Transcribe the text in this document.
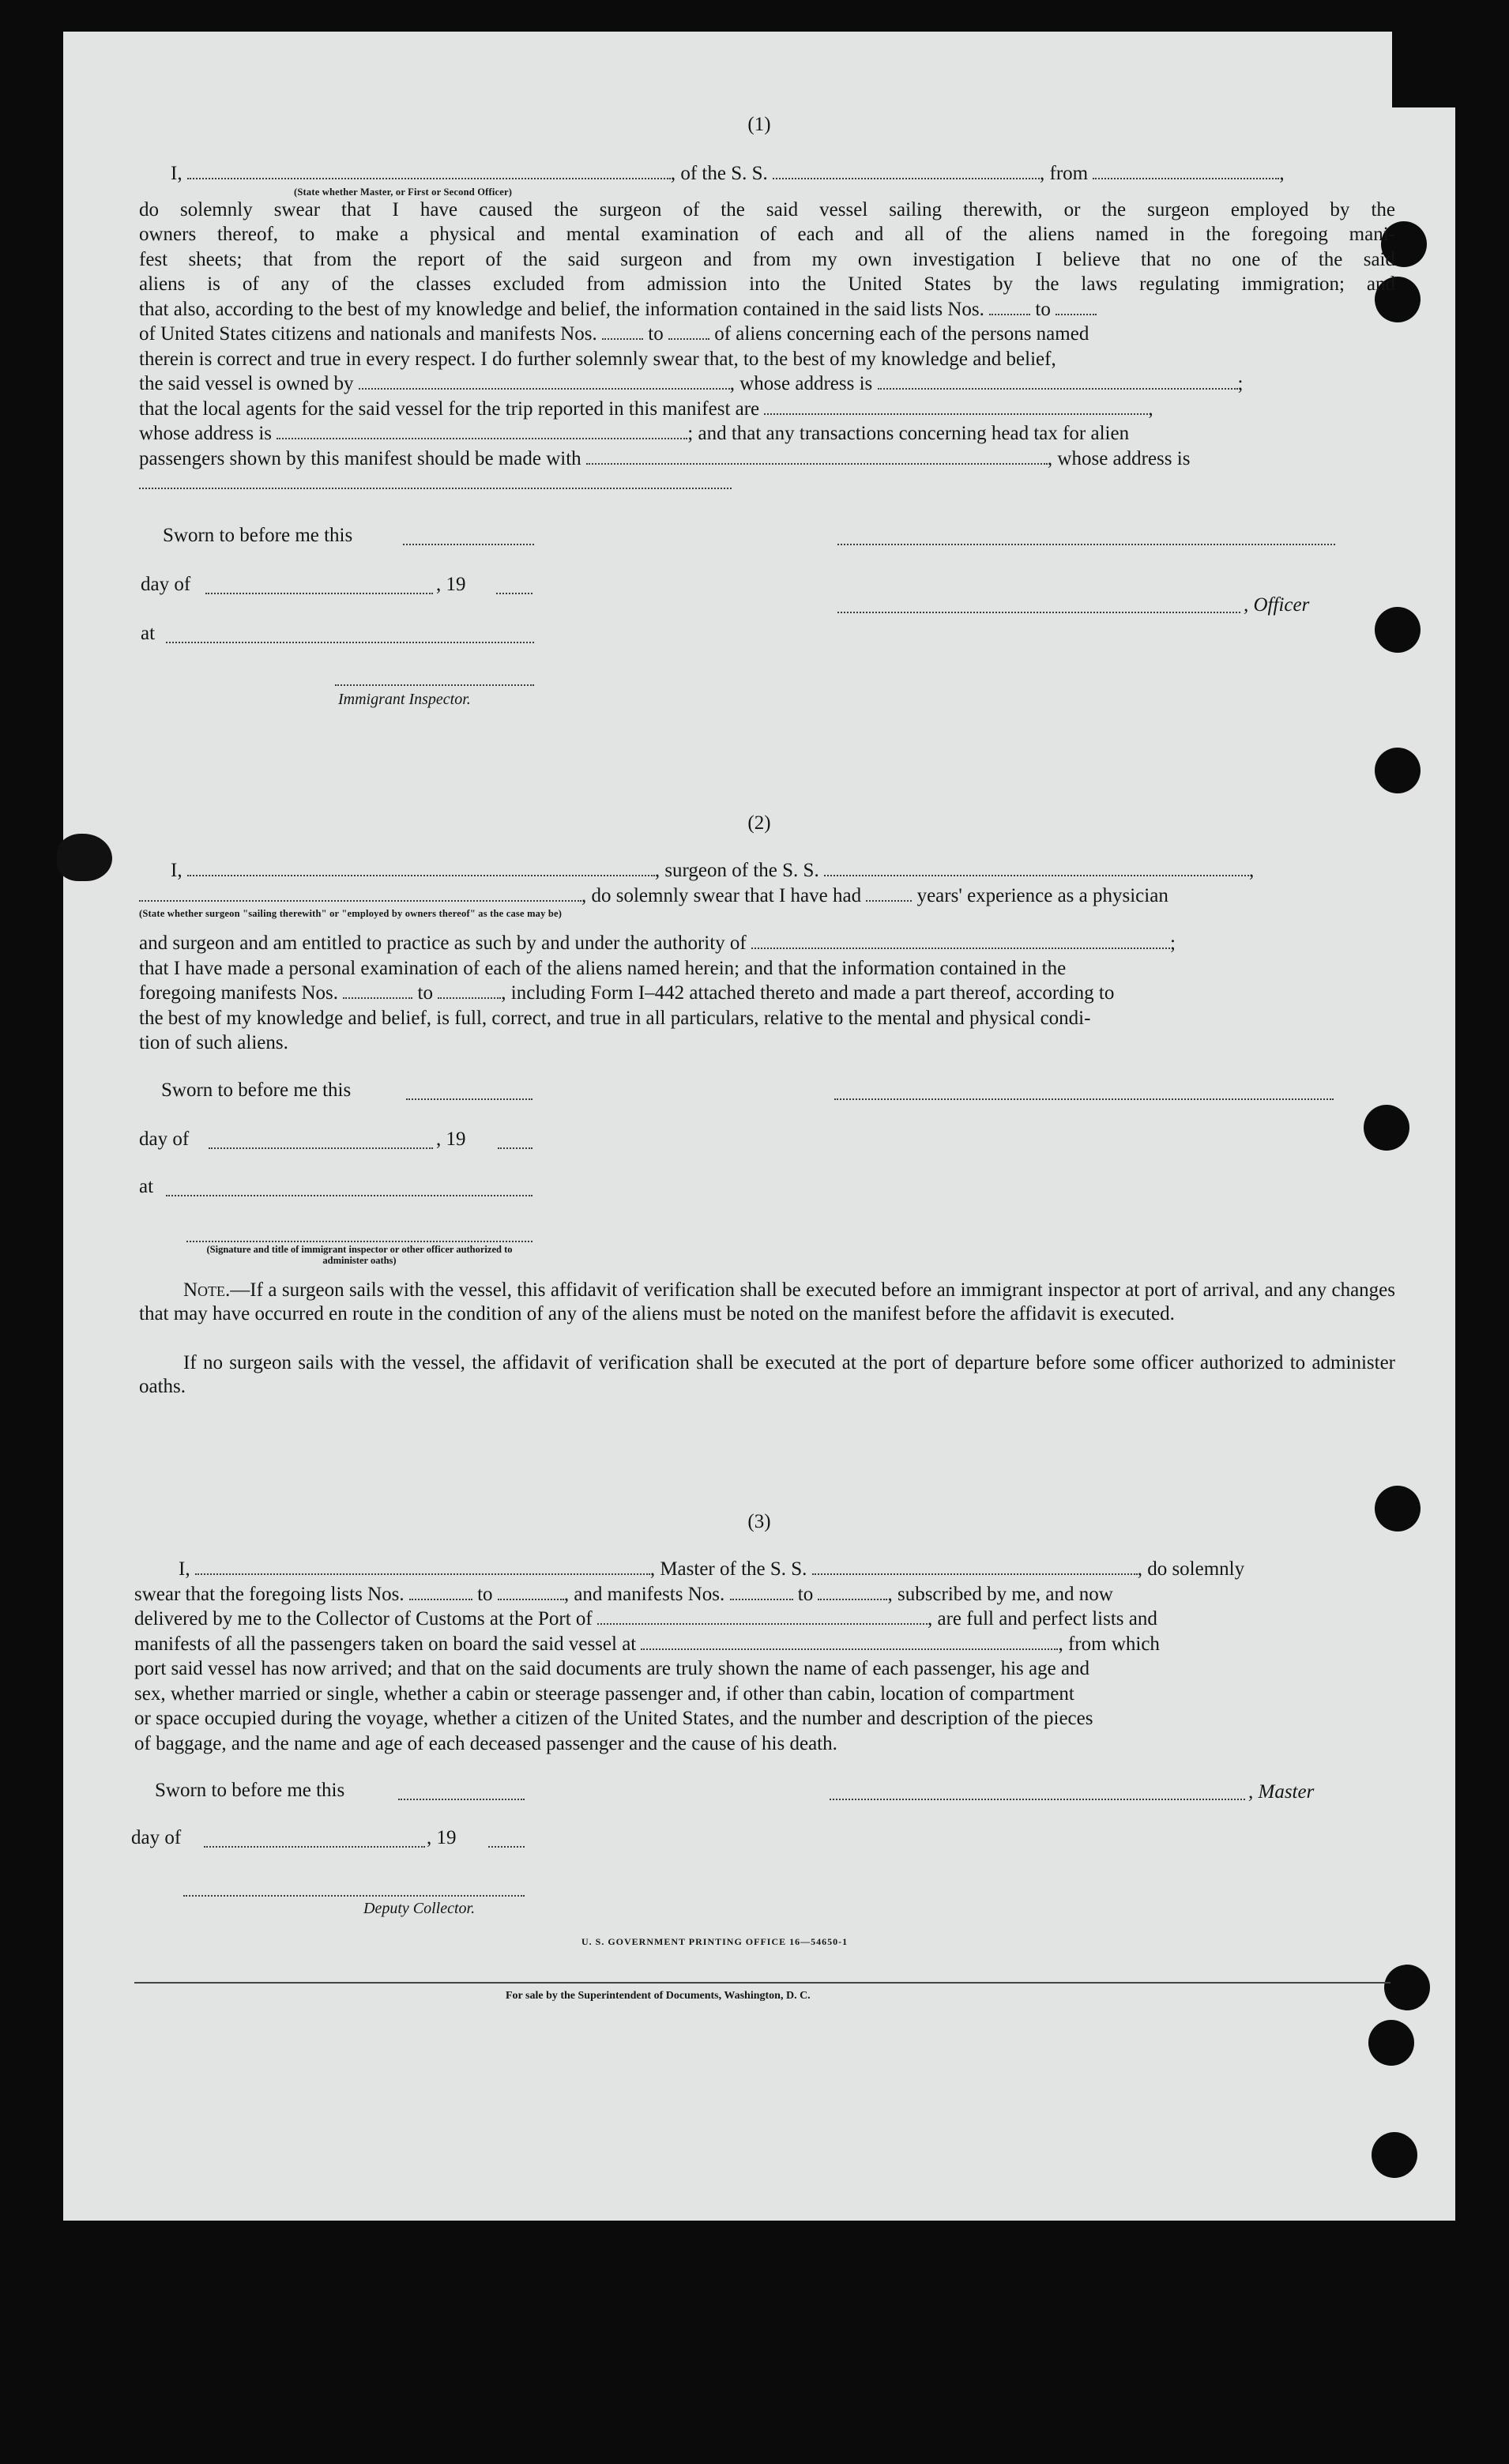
(1)
I,	, of the S. S.	, from	,
(State whether Master, or First or Second Officer)
do solemnly swear that I have caused the surgeon of the said vessel sailing therewith, or the surgeon employed by the
owners thereof, to make a physical and mental examination of each and all of the aliens named in the foregoing mani-
fest sheets; that from the report of the said surgeon and from my own investigation I believe that no one of the said
aliens is of any of the classes excluded from admission into the United States by the laws regulating immigration; and
that also, according to the best of my knowledge and belief, the information contained in the said lists Nos.	to
of United States citizens and nationals and manifests Nos.	to	of aliens concerning each of the persons named
therein is correct and true in every respect. I do further solemnly swear that, to the best of my knowledge and belief,
the said vessel is owned by	, whose address is	;
that the local agents for the said vessel for the trip reported in this manifest are	,
whose address is	; and that any transactions concerning head tax for alien
passengers shown by this manifest should be made with	, whose address is
Sworn to before me this
day of	, 19
at
Immigrant Inspector.
, Officer
(2)
I,	, surgeon of the S. S.	,
, do solemnly swear that I have had	years' experience as a physician
(State whether surgeon "sailing therewith" or "employed by owners thereof" as the case may be)
and surgeon and am entitled to practice as such by and under the authority of	;
that I have made a personal examination of each of the aliens named herein; and that the information contained in the
foregoing manifests Nos.	to	, including Form I–442 attached thereto and made a part thereof, according to
the best of my knowledge and belief, is full, correct, and true in all particulars, relative to the mental and physical condi-
tion of such aliens.
Sworn to before me this
day of	, 19
at
(Signature and title of immigrant inspector or other officer authorized to administer oaths)
Note.—If a surgeon sails with the vessel, this affidavit of verification shall be executed before an immigrant inspector at port of arrival, and any changes that may have occurred en route in the condition of any of the aliens must be noted on the manifest before the affidavit is executed.
If no surgeon sails with the vessel, the affidavit of verification shall be executed at the port of departure before some officer authorized to administer oaths.
(3)
I,	, Master of the S. S.	, do solemnly
swear that the foregoing lists Nos.	to	, and manifests Nos.	to	, subscribed by me, and now
delivered by me to the Collector of Customs at the Port of	, are full and perfect lists and
manifests of all the passengers taken on board the said vessel at	, from which
port said vessel has now arrived; and that on the said documents are truly shown the name of each passenger, his age and
sex, whether married or single, whether a cabin or steerage passenger and, if other than cabin, location of compartment
or space occupied during the voyage, whether a citizen of the United States, and the number and description of the pieces
of baggage, and the name and age of each deceased passenger and the cause of his death.
Sworn to before me this
day of	, 19
Deputy Collector.
, Master
U. S. GOVERNMENT PRINTING OFFICE 16—54650-1
For sale by the Superintendent of Documents, Washington, D. C.
